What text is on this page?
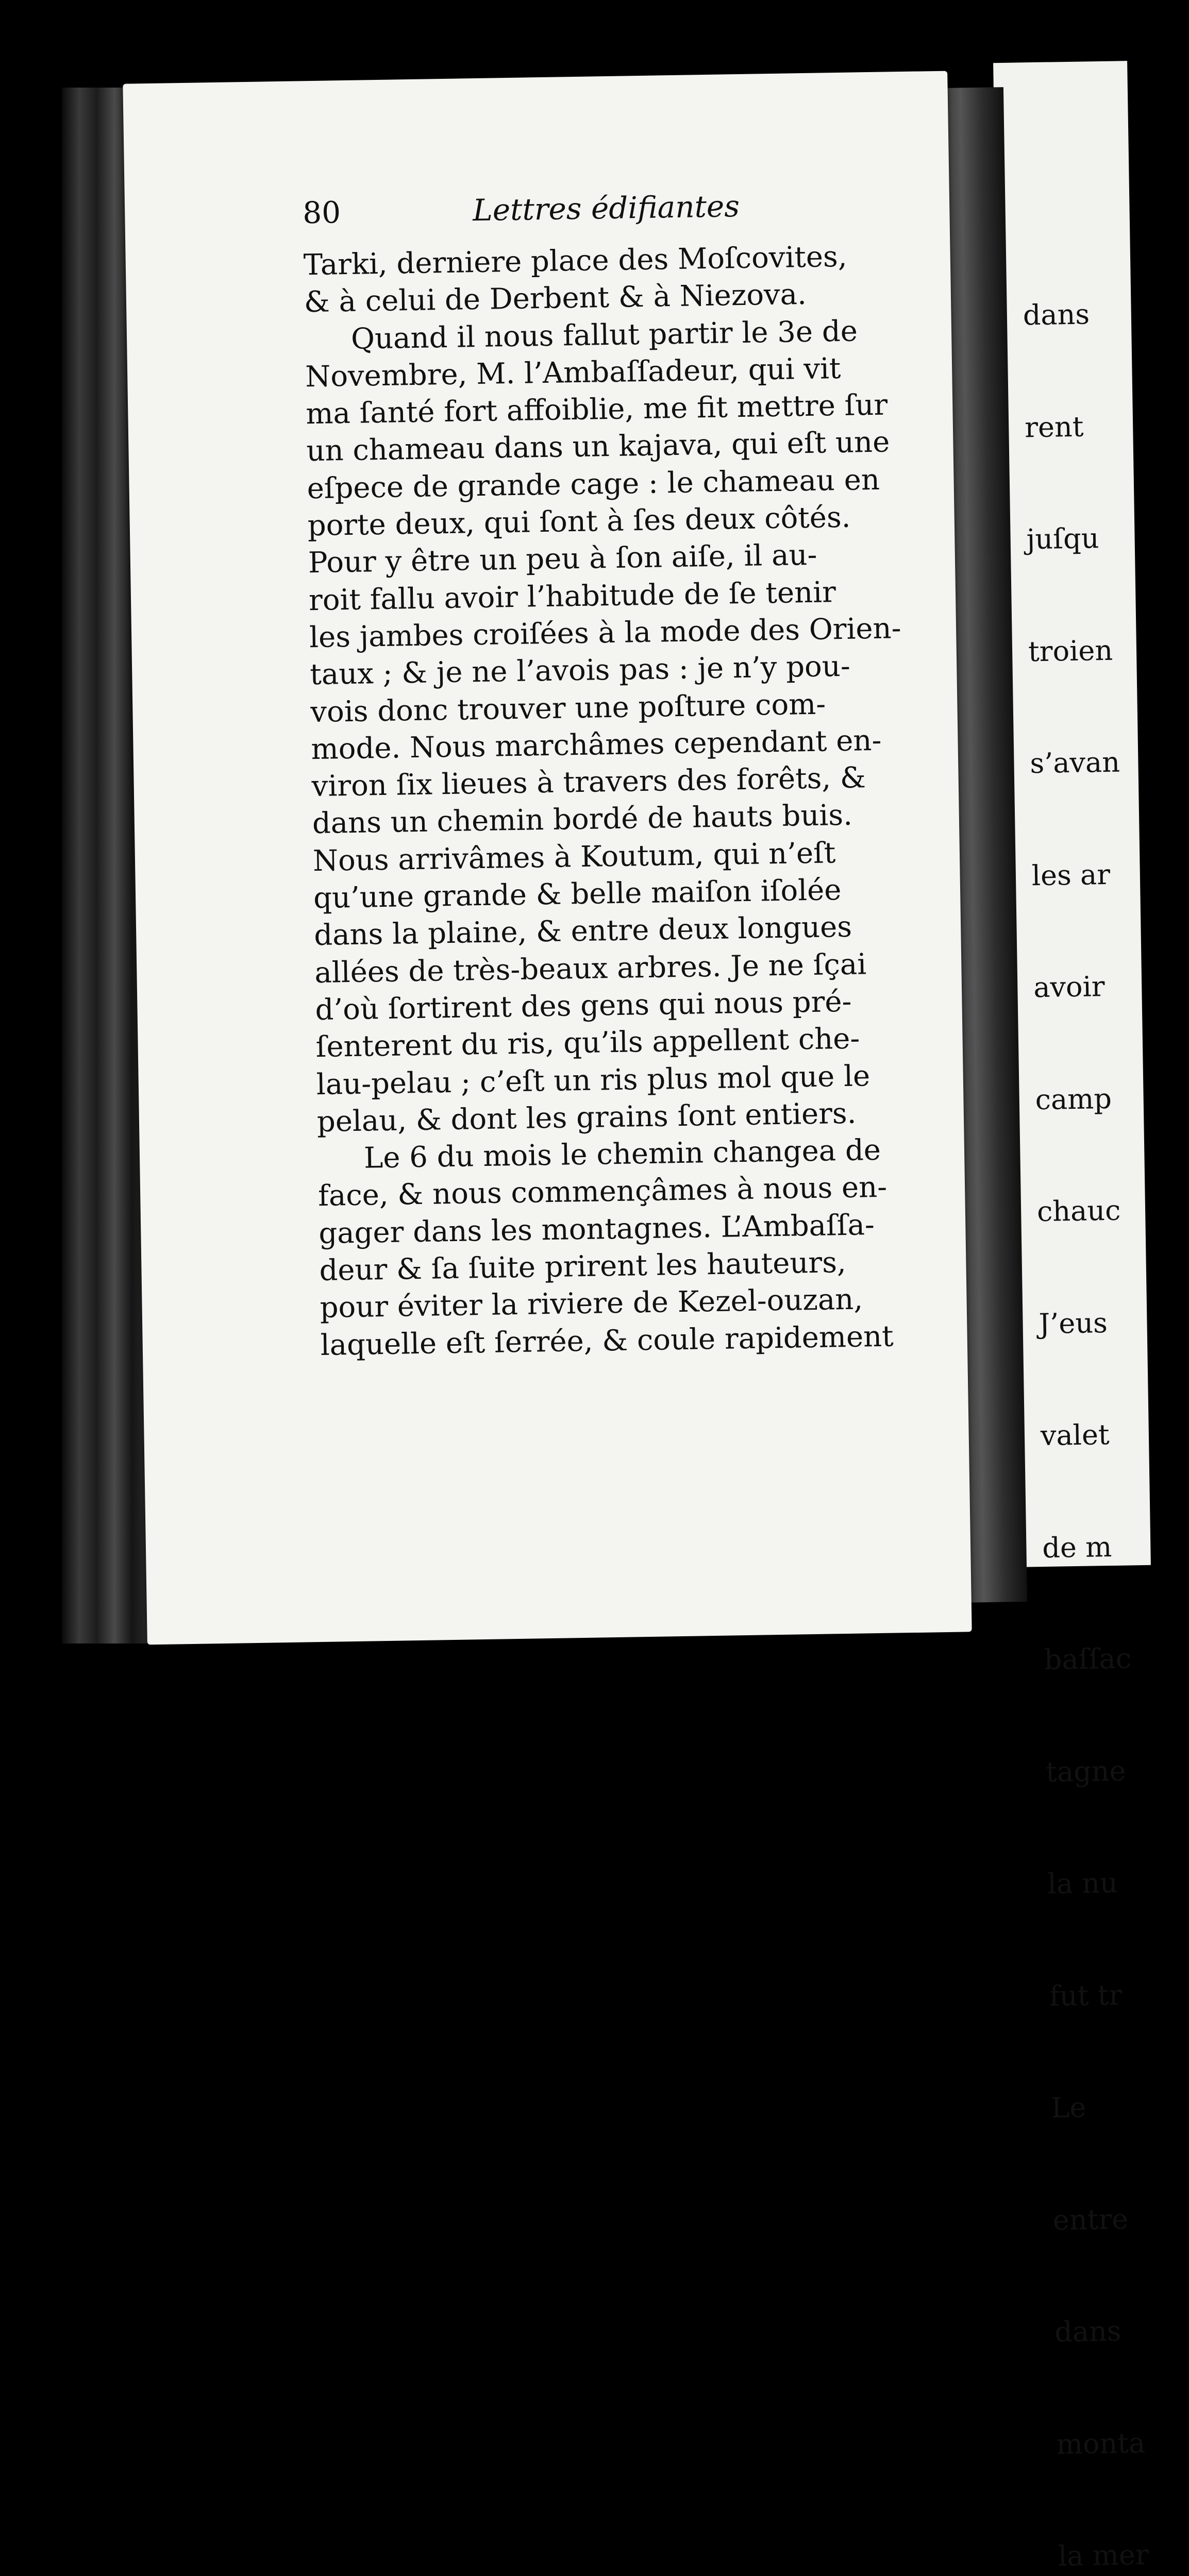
dans

rent

juſqu

troien

s’avan

les ar

avoir

camp

chauc

J’eus

valet

de m

baſſac

tagne

la nu

fut tr

Le

entre

dans

monta

la mer

80	Lettres édifiantes
Tarki, derniere place des Moſcovites,
& à celui de Derbent & à Niezova.
Quand il nous fallut partir le 3e de
Novembre, M. l’Ambaſſadeur, qui vit
ma ſanté fort affoiblie, me fit mettre ſur
un chameau dans un kajava, qui eſt une
eſpece de grande cage : le chameau en
porte deux, qui ſont à ſes deux côtés.
Pour y être un peu à ſon aiſe, il au-
roit fallu avoir l’habitude de ſe tenir
les jambes croiſées à la mode des Orien-
taux ; & je ne l’avois pas : je n’y pou-
vois donc trouver une poſture com-
mode. Nous marchâmes cependant en-
viron ſix lieues à travers des forêts, &
dans un chemin bordé de hauts buis.
Nous arrivâmes à Koutum, qui n’eſt
qu’une grande & belle maiſon iſolée
dans la plaine, & entre deux longues
allées de très-beaux arbres. Je ne ſçai
d’où ſortirent des gens qui nous pré-
ſenterent du ris, qu’ils appellent che-
lau-pelau ; c’eſt un ris plus mol que le
pelau, & dont les grains ſont entiers.
Le 6 du mois le chemin changea de
face, & nous commençâmes à nous en-
gager dans les montagnes. L’Ambaſſa-
deur & ſa ſuite prirent les hauteurs,
pour éviter la riviere de Kezel-ouzan,
laquelle eſt ſerrée, & coule rapidement
